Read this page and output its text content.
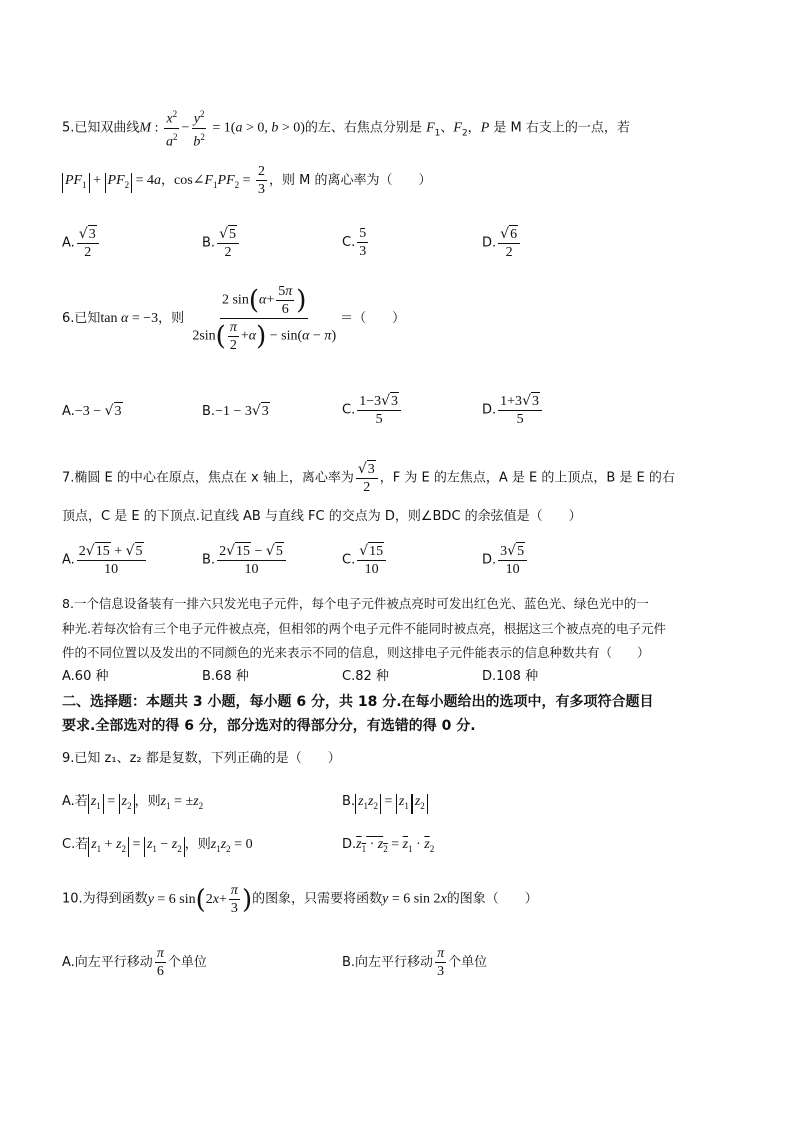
5.已知双曲线M : $\frac{x^2}{a^2} - \frac{y^2}{b^2} = 1(a > 0$, b > 0)的左、右焦点分别是 $F_1$、$F_2$，P 是 M 右支上的一点，若
$PF_1 + PF_2 = 4a$，$\cos\angle F_1PF_2 = \frac{2}{3}$ ，则 M 的离心率为（　　）
A. $\frac{√3}{2}$	B. $\frac{√5}{2}$	C. $\frac{5}{3}$	D. $\frac{√6}{2}$
6.已知tan α = −3，则 $\frac{2 \sin(\alpha+ \frac{5\pi}{6} )}{2\sin( \frac{\pi}{2} +\alpha) - \sin(\alpha - \pi)}$ ＝（　　）
A.−3 − √3	B.−1 − 3√3	C. $\frac{1-3√3}{5}$	D. $\frac{1+3√3}{5}$
7.椭圆 E 的中心在原点，焦点在 x 轴上，离心率为 $\frac{√3}{2}$ ，F 为 E 的左焦点，A 是 E 的上顶点，B 是 E 的右
顶点，C 是 E 的下顶点.记直线 AB 与直线 FC 的交点为 D，则∠BDC 的余弦值是（　　）
A. $\frac{2√15 + √5}{10}$	B. $\frac{2√15 - √5}{10}$	C. $\frac{√15}{10}$	D. $\frac{3√5}{10}$
8.一个信息设备装有一排六只发光电子元件，每个电子元件被点亮时可发出红色光、蓝色光、绿色光中的一
种光.若每次恰有三个电子元件被点亮，但相邻的两个电子元件不能同时被点亮，根据这三个被点亮的电子元件
件的不同位置以及发出的不同颜色的光来表示不同的信息，则这排电子元件能表示的信息种数共有（　　）
A.60 种	B.68 种	C.82 种	D.108 种
二、选择题：本题共 3 小题，每小题 6 分，共 18 分.在每小题给出的选项中，有多项符合题目
要求.全部选对的得 6 分，部分选对的得部分分，有选错的得 0 分.
9.已知 z₁、z₂ 都是复数，下列正确的是（　　）
A.若 $z_1 = z_2$ ，则$z_1 = \pm z_2$	B. $z_1z_2 = z_1$ $z_2$
C.若 $z_1 + z_2 = z_1 - z_2$ ，则$z_1z_2 = 0$	$D.z_1 \cdot z_2 = \overline{z}_1 \cdot \overline{z}_2$
10.为得到函数y = 6 $\sin(2x+ \frac{\pi}{3}$ )的图象，只需要将函数y = 6 sin 2x的图象（　　）
A.向左平行移动 $\frac{\pi}{6}$ 个单位	B.向左平行移动 $\frac{\pi}{3}$ 个单位
